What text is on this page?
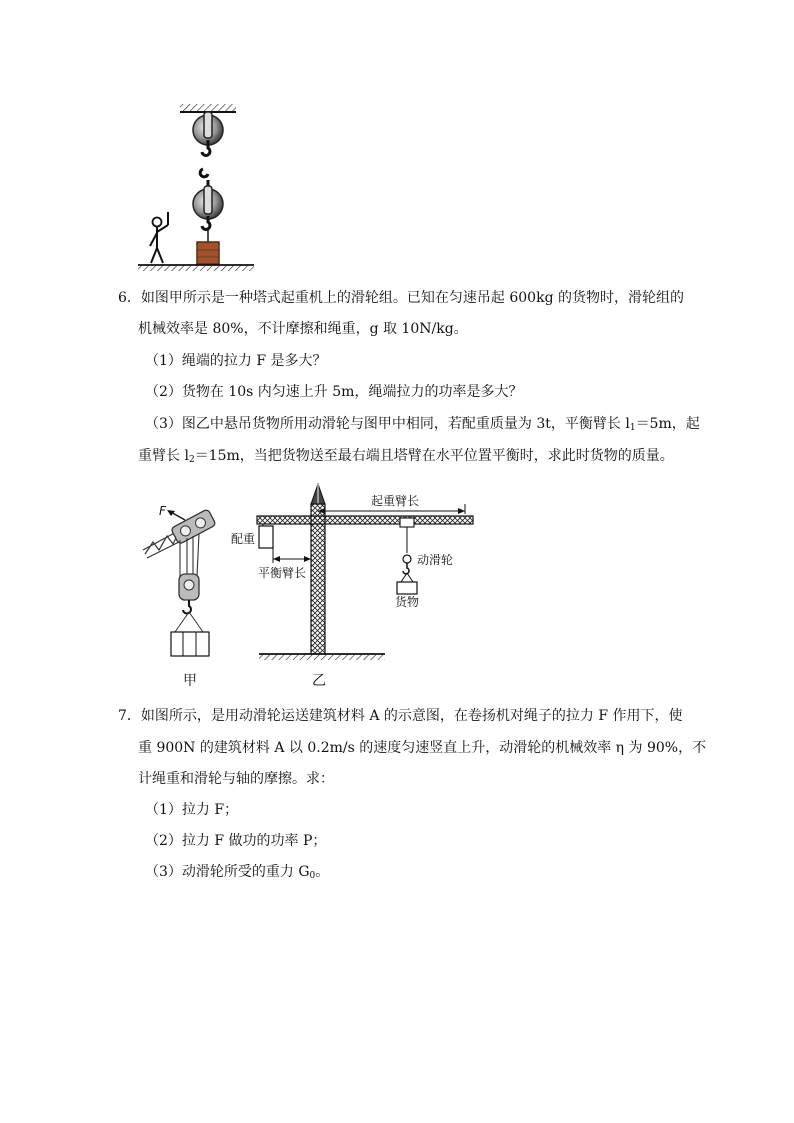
6．如图甲所示是一种塔式起重机上的滑轮组。已知在匀速吊起 600kg 的货物时，滑轮组的
机械效率是 80%，不计摩擦和绳重，g 取 10N/kg。
（1）绳端的拉力 F 是多大？
（2）货物在 10s 内匀速上升 5m，绳端拉力的功率是多大？
（3）图乙中悬吊货物所用动滑轮与图甲中相同，若配重质量为 3t，平衡臂长 $l_1=5m$，起
重臂长 $l_2=15m$，当把货物送至最右端且塔臂在水平位置平衡时，求此时货物的质量。
F
甲
配重
平衡臂长
起重臂长
动滑轮
货物
乙
7．如图所示，是用动滑轮运送建筑材料 A 的示意图，在卷扬机对绳子的拉力 F 作用下，使
重 900N 的建筑材料 A 以 0.2m/s 的速度匀速竖直上升，动滑轮的机械效率 η 为 90%，不
计绳重和滑轮与轴的摩擦。求：
（1）拉力 F；
（2）拉力 F 做功的功率 P；
（3）动滑轮所受的重力 $G_0$。
